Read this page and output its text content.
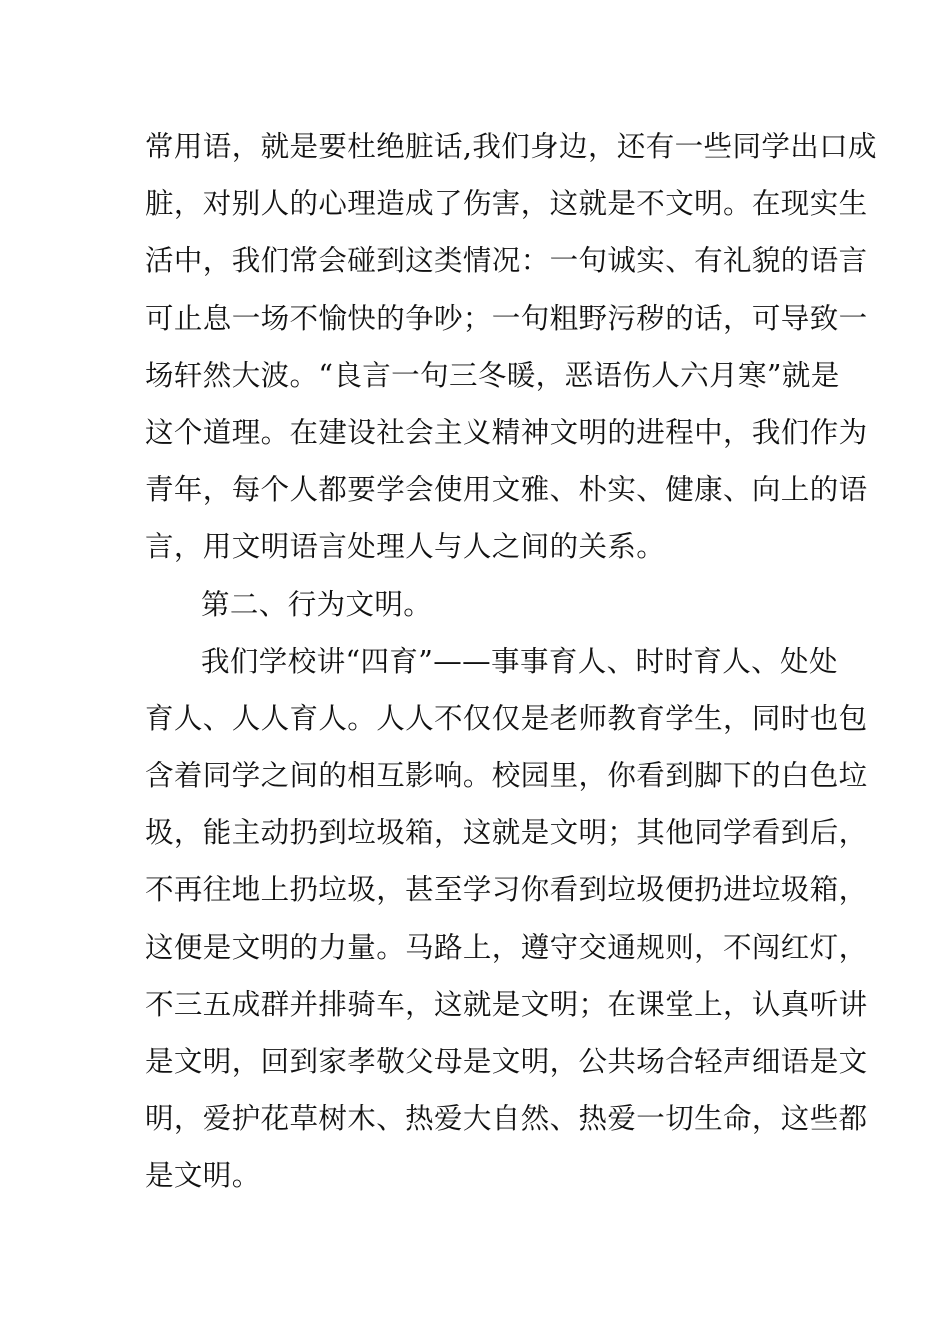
常用语，就是要杜绝脏话,我们身边，还有一些同学出口成
脏，对别人的心理造成了伤害，这就是不文明。在现实生
活中，我们常会碰到这类情况：一句诚实、有礼貌的语言
可止息一场不愉快的争吵；一句粗野污秽的话，可导致一
场轩然大波。“良言一句三冬暖，恶语伤人六月寒”就是
这个道理。在建设社会主义精神文明的进程中，我们作为
青年，每个人都要学会使用文雅、朴实、健康、向上的语
言，用文明语言处理人与人之间的关系。
第二、行为文明。
我们学校讲“四育”——事事育人、时时育人、处处
育人、人人育人。人人不仅仅是老师教育学生，同时也包
含着同学之间的相互影响。校园里，你看到脚下的白色垃
圾，能主动扔到垃圾箱，这就是文明；其他同学看到后，
不再往地上扔垃圾，甚至学习你看到垃圾便扔进垃圾箱，
这便是文明的力量。马路上，遵守交通规则，不闯红灯，
不三五成群并排骑车，这就是文明；在课堂上，认真听讲
是文明，回到家孝敬父母是文明，公共场合轻声细语是文
明，爱护花草树木、热爱大自然、热爱一切生命，这些都
是文明。
